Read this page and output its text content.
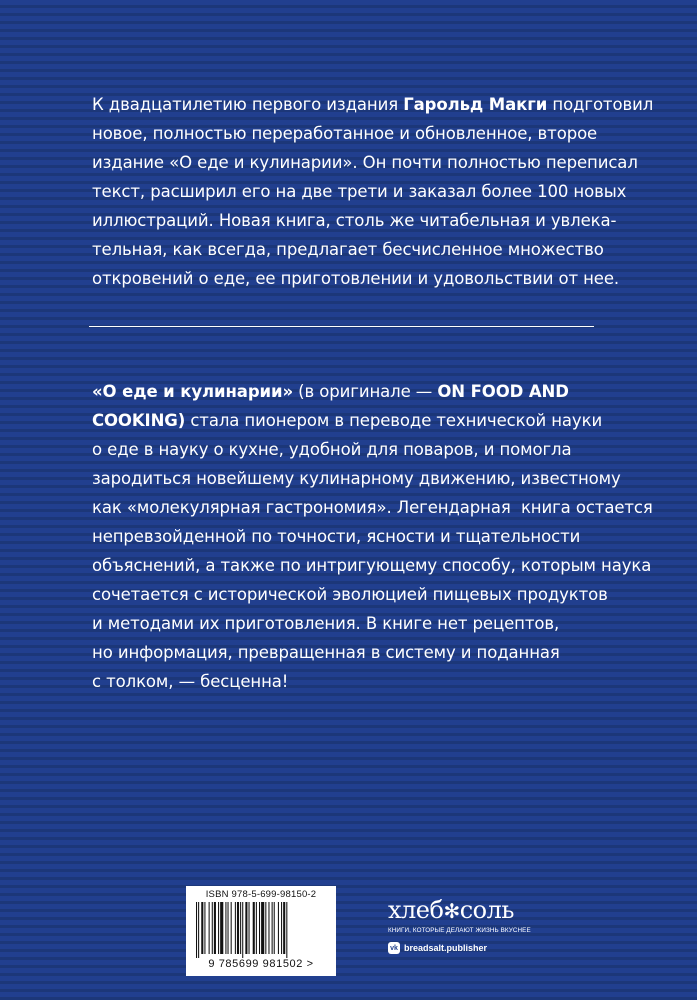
К двадцатилетию первого издания Гарольд Макги подготовил
новое, полностью переработанное и обновленное, второе
издание «О еде и кулинарии». Он почти полностью переписал
текст, расширил его на две трети и заказал более 100 новых
иллюстраций. Новая книга, столь же читабельная и увлека-
тельная, как всегда, предлагает бесчисленное множество
откровений о еде, ее приготовлении и удовольствии от нее.
«О еде и кулинарии» (в оригинале — ON FOOD AND
COOKING) стала пионером в переводе технической науки
о еде в науку о кухне, удобной для поваров, и помогла
зародиться новейшему кулинарному движению, известному
как «молекулярная гастрономия». Легендарная  книга остается
непревзойденной по точности, ясности и тщательности
объяснений, а также по интригующему способу, которым наука
сочетается с исторической эволюцией пищевых продуктов
и методами их приготовления. В книге нет рецептов,
но информация, превращенная в систему и поданная
с толком, — бесценна!
ISBN 978-5-699-98150-2
9 785699 981502 >
хлеб✻соль
КНИГИ, КОТОРЫЕ ДЕЛАЮТ ЖИЗНЬ ВКУСНЕЕ
vk breadsalt.publisher
